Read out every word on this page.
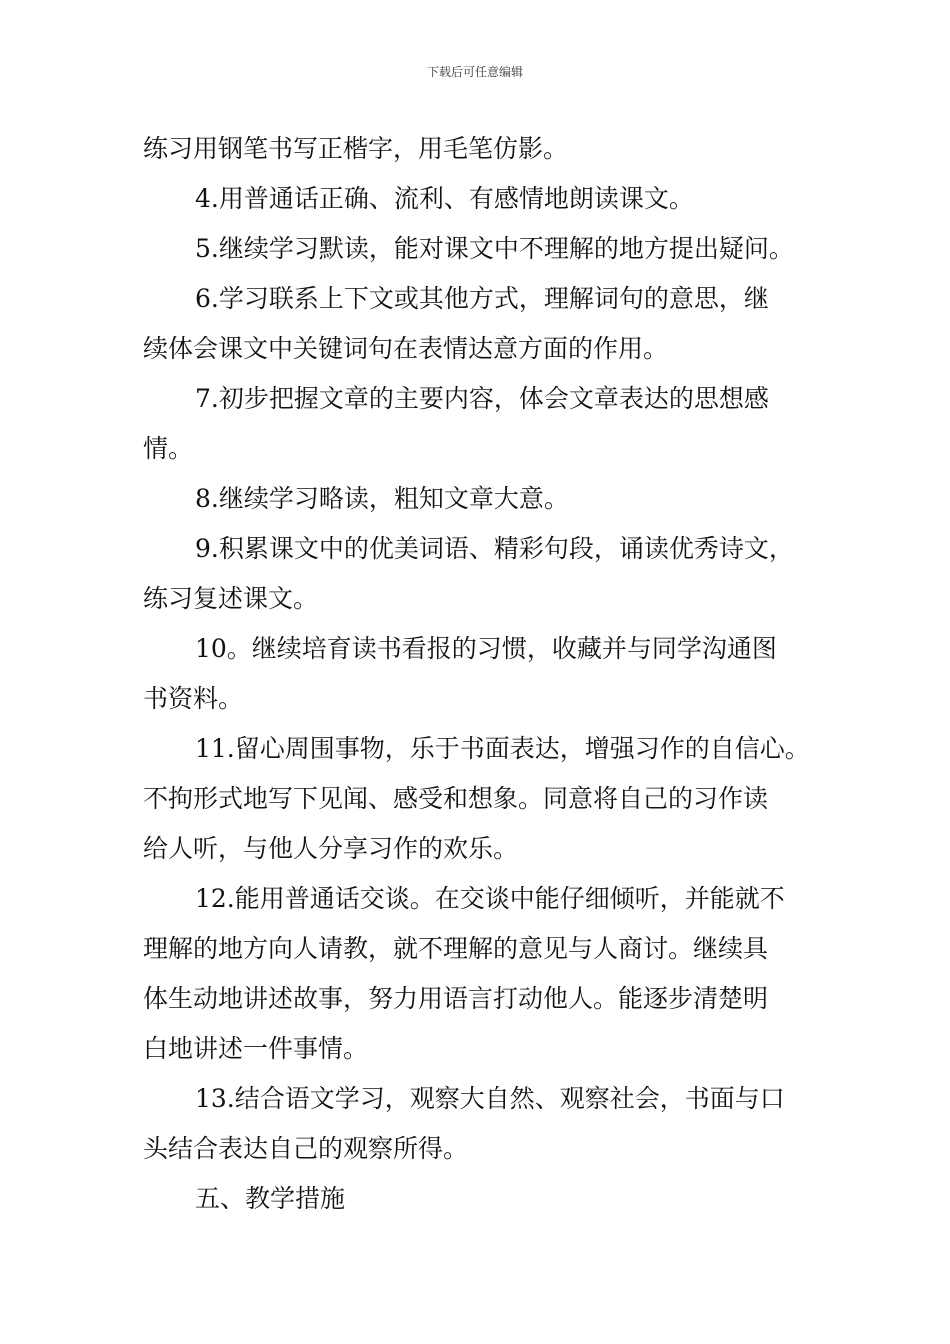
下载后可任意编辑
练习用钢笔书写正楷字，用毛笔仿影。
4.用普通话正确、流利、有感情地朗读课文。
5.继续学习默读，能对课文中不理解的地方提出疑问。
6.学习联系上下文或其他方式，理解词句的意思，继
续体会课文中关键词句在表情达意方面的作用。
7.初步把握文章的主要内容，体会文章表达的思想感
情。
8.继续学习略读，粗知文章大意。
9.积累课文中的优美词语、精彩句段，诵读优秀诗文，
练习复述课文。
10。继续培育读书看报的习惯，收藏并与同学沟通图
书资料。
11.留心周围事物，乐于书面表达，增强习作的自信心。
不拘形式地写下见闻、感受和想象。同意将自己的习作读
给人听，与他人分享习作的欢乐。
12.能用普通话交谈。在交谈中能仔细倾听，并能就不
理解的地方向人请教，就不理解的意见与人商讨。继续具
体生动地讲述故事，努力用语言打动他人。能逐步清楚明
白地讲述一件事情。
13.结合语文学习，观察大自然、观察社会，书面与口
头结合表达自己的观察所得。
五、教学措施
